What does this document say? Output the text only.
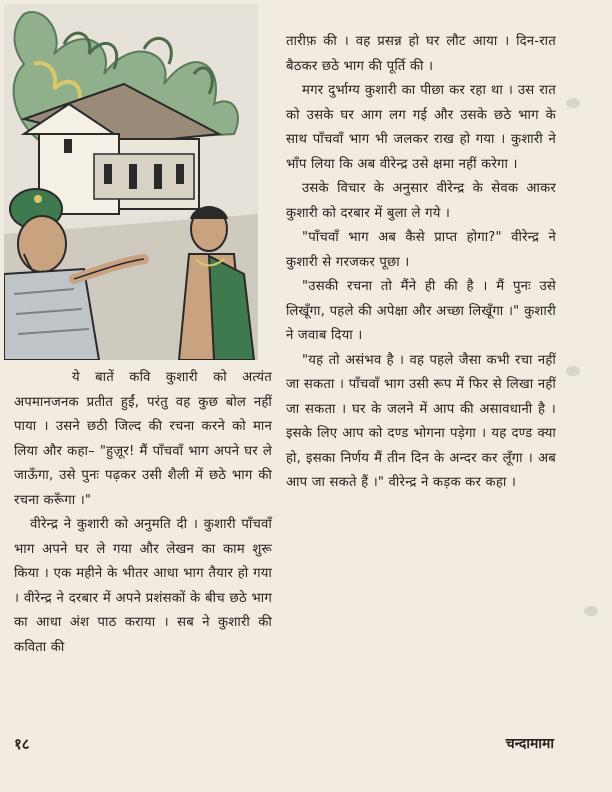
ये बातें कवि कुशारी को अत्यंत अपमानजनक प्रतीत हुईं, परंतु वह कुछ बोल नहीं पाया । उसने छठी जिल्द की रचना करने को मान लिया और कहा– "हुज़ूर! मैं पाँचवाँ भाग अपने घर ले जाऊँगा, उसे पुनः पढ़कर उसी शैली में छठे भाग की रचना करूँगा ।"

वीरेन्द्र ने कुशारी को अनुमति दी । कुशारी पाँचवाँ भाग अपने घर ले गया और लेखन का काम शुरू किया । एक महीने के भीतर आधा भाग तैयार हो गया । वीरेन्द्र ने दरबार में अपने प्रशंसकों के बीच छठे भाग का आधा अंश पाठ कराया । सब ने कुशारी की कविता की

तारीफ़ की । वह प्रसन्न हो घर लौट आया । दिन-रात बैठकर छठे भाग की पूर्ति की ।

मगर दुर्भाग्य कुशारी का पीछा कर रहा था । उस रात को उसके घर आग लग गई और उसके छठे भाग के साथ पाँचवाँ भाग भी जलकर राख हो गया । कुशारी ने भाँप लिया कि अब वीरेन्द्र उसे क्षमा नहीं करेगा ।

उसके विचार के अनुसार वीरेन्द्र के सेवक आकर कुशारी को दरबार में बुला ले गये ।

"पाँचवाँ भाग अब कैसे प्राप्त होगा?" वीरेन्द्र ने कुशारी से गरजकर पूछा ।

"उसकी रचना तो मैंने ही की है । मैं पुनः उसे लिखूँगा, पहले की अपेक्षा और अच्छा लिखूँगा ।" कुशारी ने जवाब दिया ।

"यह तो असंभव है । वह पहले जैसा कभी रचा नहीं जा सकता । पाँचवाँ भाग उसी रूप में फिर से लिखा नहीं जा सकता । घर के जलने में आप की असावधानी है । इसके लिए आप को दण्ड भोगना पड़ेगा । यह दण्ड क्या हो, इसका निर्णय मैं तीन दिन के अन्दर कर लूँगा । अब आप जा सकते हैं ।" वीरेन्द्र ने कड़क कर कहा ।

१८	चन्दामामा
